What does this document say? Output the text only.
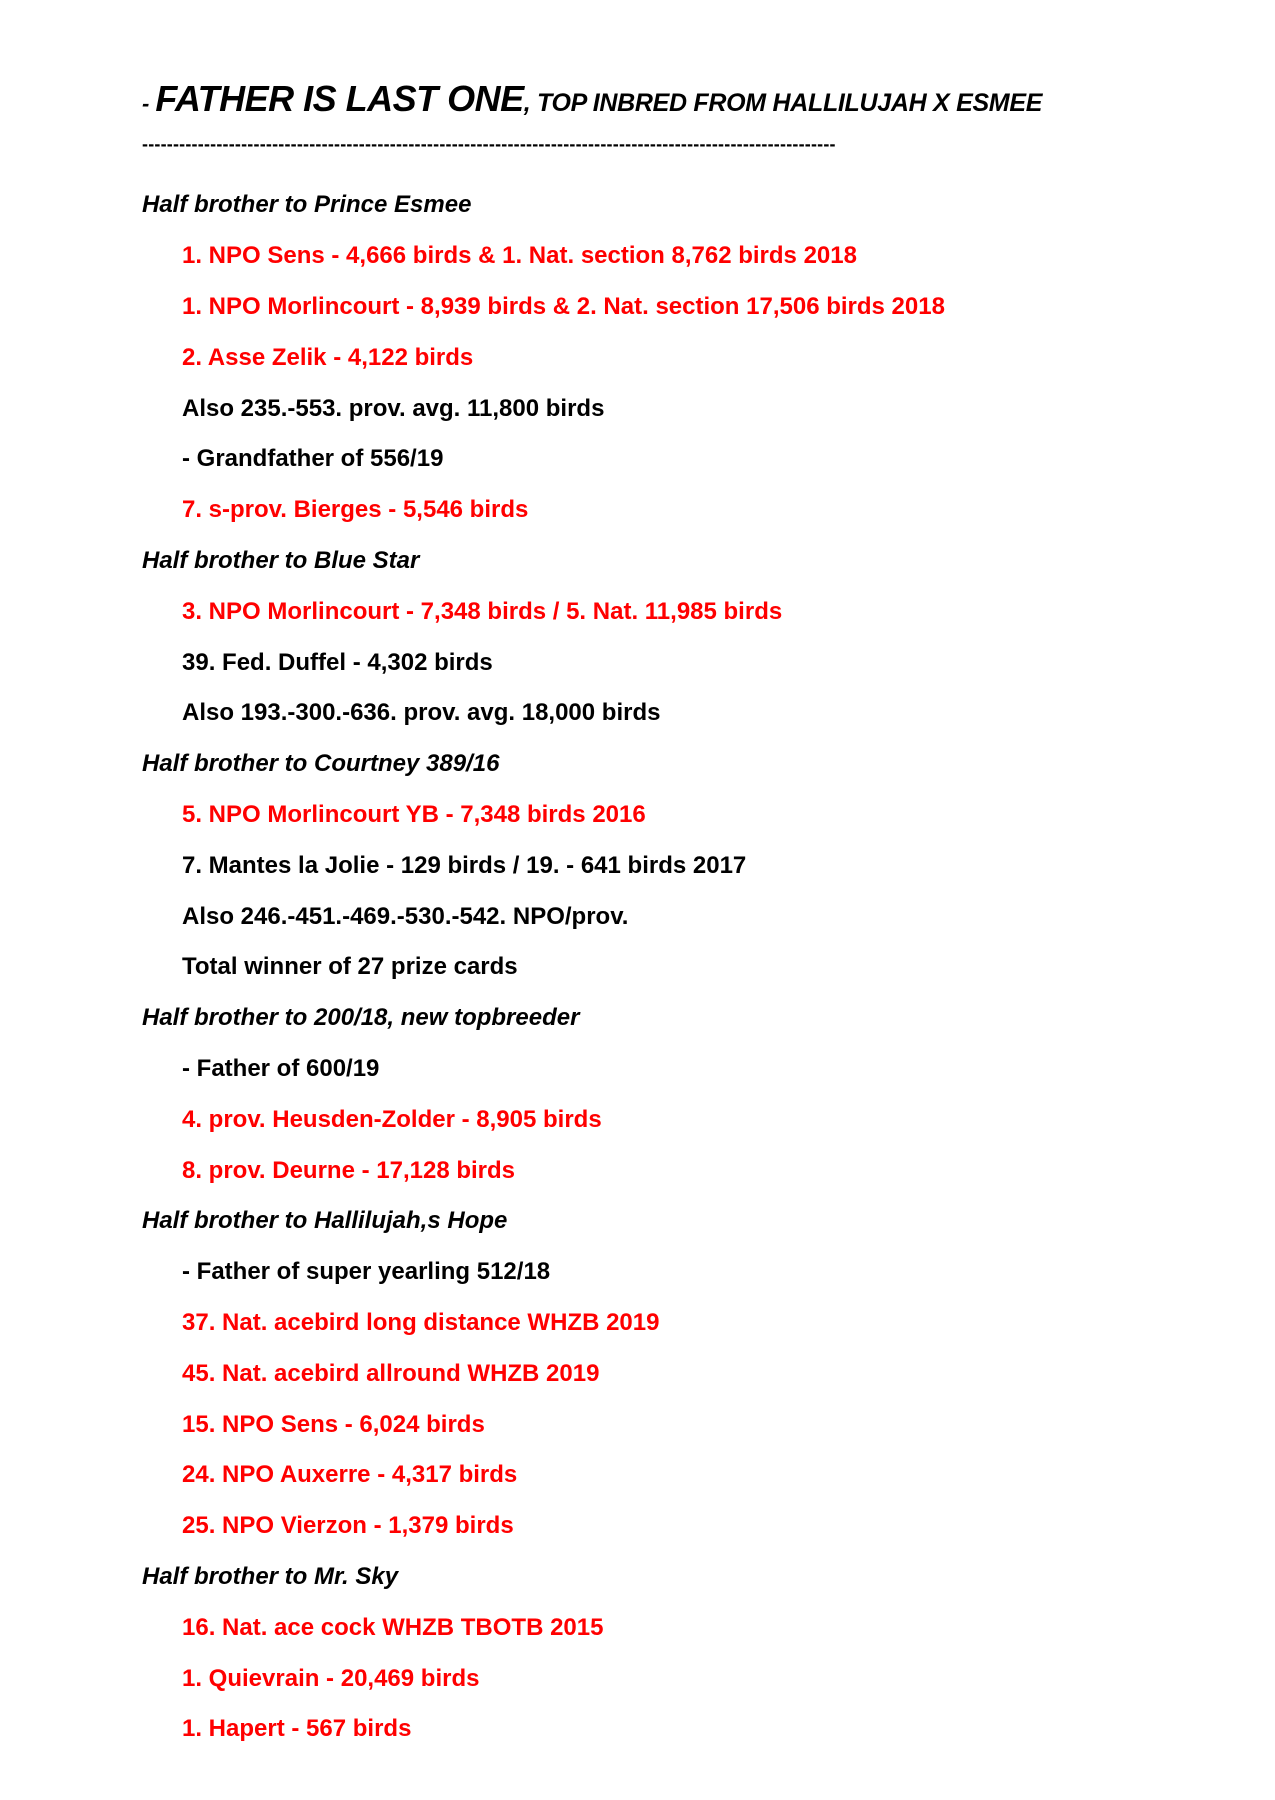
- FATHER IS LAST ONE , TOP INBRED FROM HALLILUJAH X ESMEE
----------------------------------------------------------------------------------------------------------------
Half brother to Prince Esmee
1. NPO Sens - 4,666 birds & 1. Nat. section 8,762 birds 2018
1. NPO Morlincourt - 8,939 birds & 2. Nat. section 17,506 birds 2018
2. Asse Zelik - 4,122 birds
Also 235.-553. prov. avg. 11,800 birds
- Grandfather of 556/19
7. s-prov. Bierges - 5,546 birds
Half brother to Blue Star
3. NPO Morlincourt - 7,348 birds / 5. Nat. 11,985 birds
39. Fed. Duffel - 4,302 birds
Also 193.-300.-636. prov. avg. 18,000 birds
Half brother to Courtney 389/16
5. NPO Morlincourt YB - 7,348 birds 2016
7. Mantes la Jolie - 129 birds / 19. - 641 birds 2017
Also 246.-451.-469.-530.-542. NPO/prov.
Total winner of 27 prize cards
Half brother to 200/18, new topbreeder
- Father of 600/19
4. prov. Heusden-Zolder - 8,905 birds
8. prov. Deurne - 17,128 birds
Half brother to Hallilujah,s Hope
- Father of super yearling 512/18
37. Nat. acebird long distance WHZB 2019
45. Nat. acebird allround WHZB 2019
15. NPO Sens - 6,024 birds
24. NPO Auxerre - 4,317 birds
25. NPO Vierzon - 1,379 birds
Half brother to Mr. Sky
16. Nat. ace cock WHZB TBOTB 2015
1. Quievrain - 20,469 birds
1. Hapert - 567 birds
